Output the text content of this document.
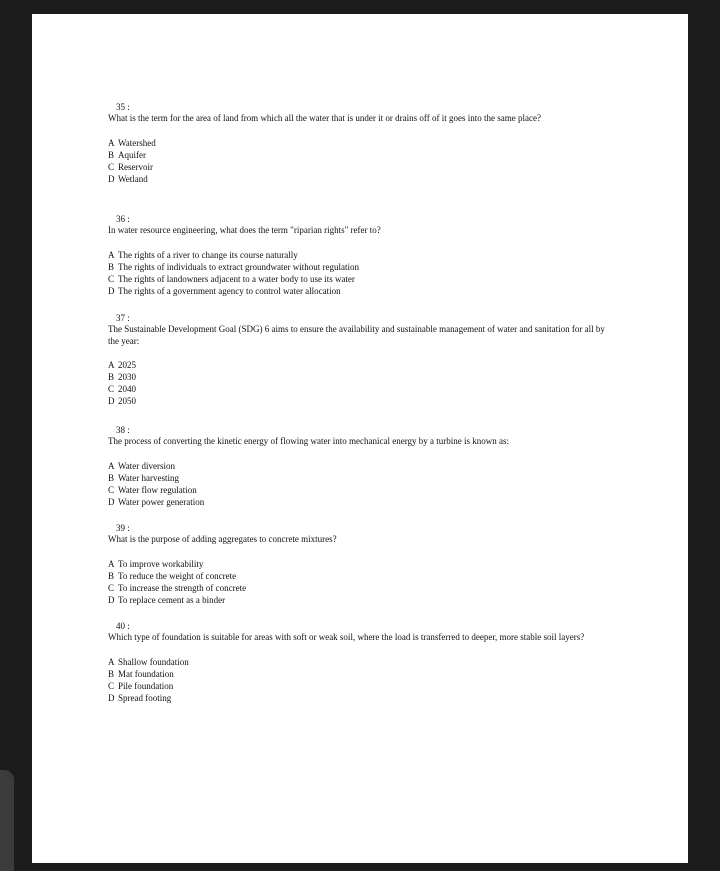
35 :
What is the term for the area of land from which all the water that is under it or drains off of it goes into the same place?
A Watershed
B Aquifer
C Reservoir
D Wetland
36 :
In water resource engineering, what does the term "riparian rights" refer to?
A The rights of a river to change its course naturally
B The rights of individuals to extract groundwater without regulation
C The rights of landowners adjacent to a water body to use its water
D The rights of a government agency to control water allocation
37 :
The Sustainable Development Goal (SDG) 6 aims to ensure the availability and sustainable management of water and sanitation for all by the year:
A 2025
B 2030
C 2040
D 2050
38 :
The process of converting the kinetic energy of flowing water into mechanical energy by a turbine is known as:
A Water diversion
B Water harvesting
C Water flow regulation
D Water power generation
39 :
What is the purpose of adding aggregates to concrete mixtures?
A To improve workability
B To reduce the weight of concrete
C To increase the strength of concrete
D To replace cement as a binder
40 :
Which type of foundation is suitable for areas with soft or weak soil, where the load is transferred to deeper, more stable soil layers?
A Shallow foundation
B Mat foundation
C Pile foundation
D Spread footing
